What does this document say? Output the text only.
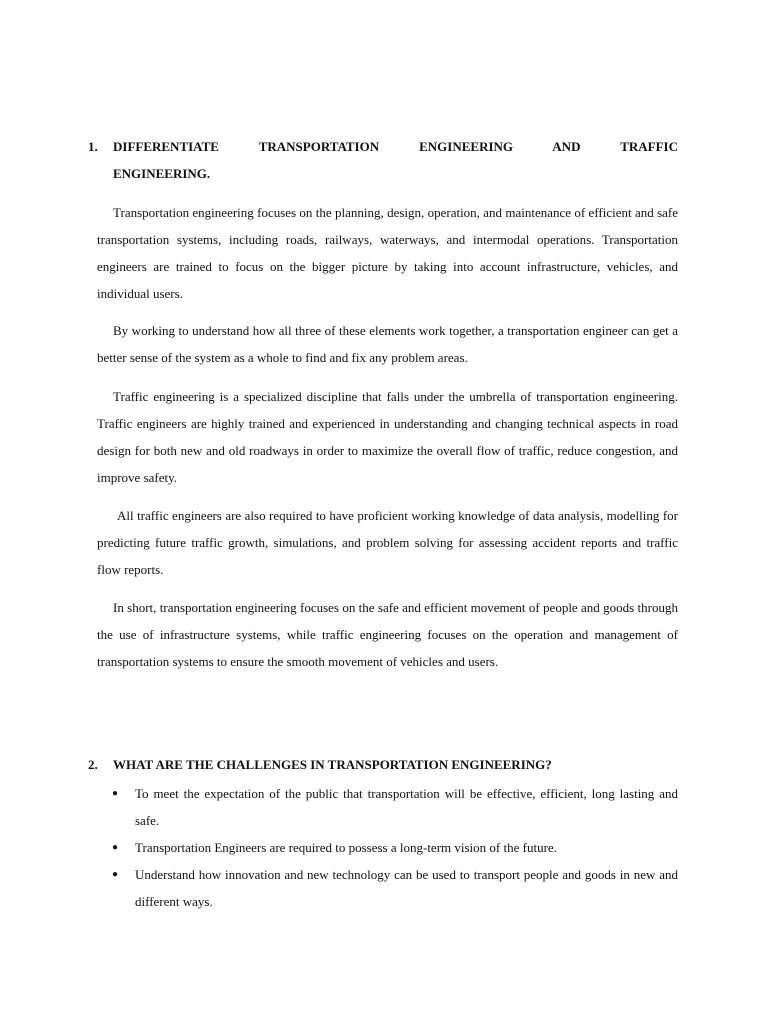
1.	DIFFERENTIATE TRANSPORTATION ENGINEERING AND TRAFFIC
ENGINEERING.

Transportation engineering focuses on the planning, design, operation, and maintenance of efficient and safe transportation systems, including roads, railways, waterways, and intermodal operations. Transportation engineers are trained to focus on the bigger picture by taking into account infrastructure, vehicles, and individual users.

By working to understand how all three of these elements work together, a transportation engineer can get a better sense of the system as a whole to find and fix any problem areas.

Traffic engineering is a specialized discipline that falls under the umbrella of transportation engineering. Traffic engineers are highly trained and experienced in understanding and changing technical aspects in road design for both new and old roadways in order to maximize the overall flow of traffic, reduce congestion, and improve safety.

All traffic engineers are also required to have proficient working knowledge of data analysis, modelling for predicting future traffic growth, simulations, and problem solving for assessing accident reports and traffic flow reports.

In short, transportation engineering focuses on the safe and efficient movement of people and goods through the use of infrastructure systems, while traffic engineering focuses on the operation and management of transportation systems to ensure the smooth movement of vehicles and users.

2.	WHAT ARE THE CHALLENGES IN TRANSPORTATION ENGINEERING?
●	To meet the expectation of the public that transportation will be effective, efficient, long lasting and safe.
●	Transportation Engineers are required to possess a long-term vision of the future.
●	Understand how innovation and new technology can be used to transport people and goods in new and different ways.
